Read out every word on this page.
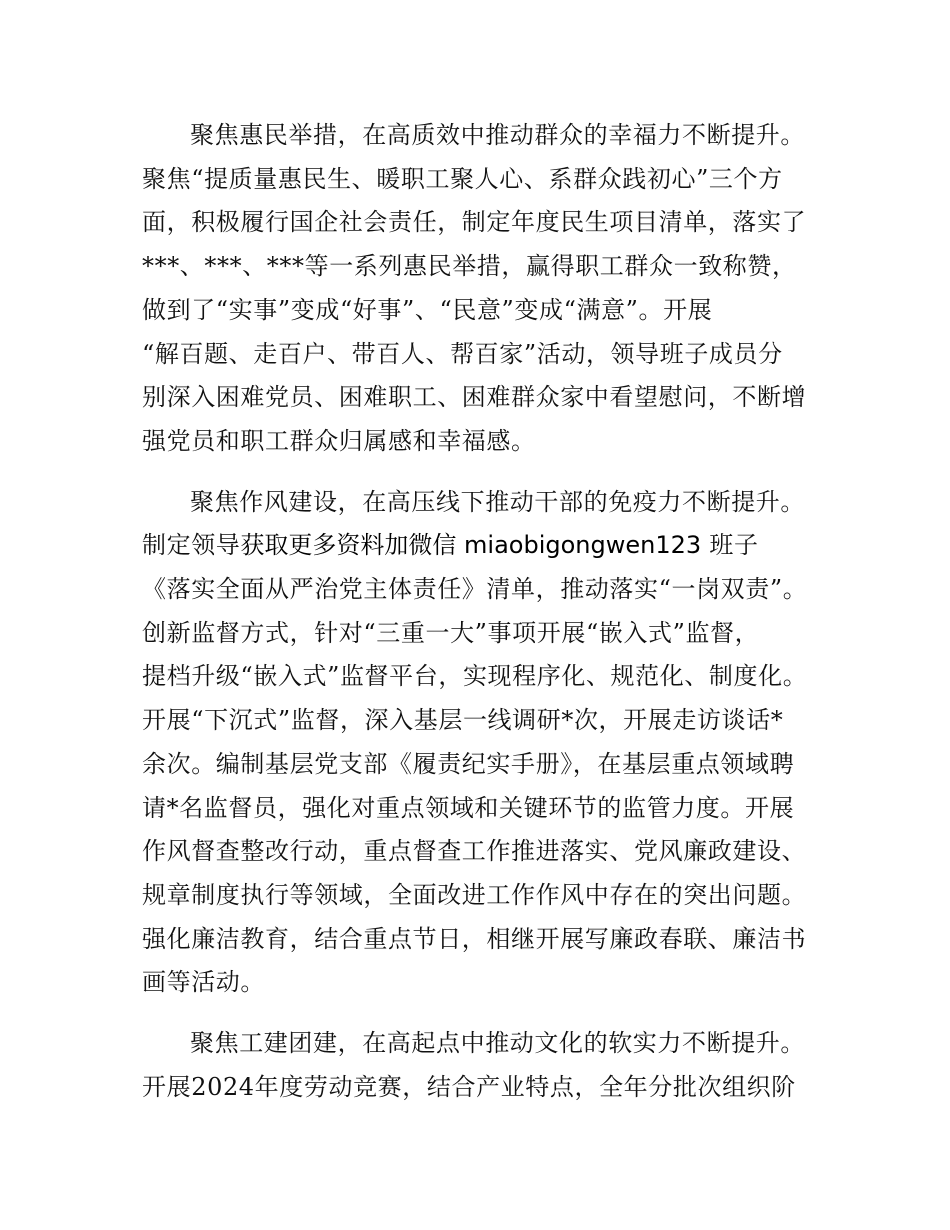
聚焦惠民举措，在高质效中推动群众的幸福力不断提升。
聚焦“提质量惠民生、暖职工聚人心、系群众践初心”三个方
面，积极履行国企社会责任，制定年度民生项目清单，落实了
***、***、***等一系列惠民举措，赢得职工群众一致称赞，
做到了“实事”变成“好事”、“民意”变成“满意”。开展
“解百题、走百户、带百人、帮百家”活动，领导班子成员分
别深入困难党员、困难职工、困难群众家中看望慰问，不断增
强党员和职工群众归属感和幸福感。

聚焦作风建设，在高压线下推动干部的免疫力不断提升。
制定领导获取更多资料加微信 miaobigongwen123 班子
《落实全面从严治党主体责任》清单，推动落实“一岗双责”。
创新监督方式，针对“三重一大”事项开展“嵌入式”监督，
提档升级“嵌入式”监督平台，实现程序化、规范化、制度化。
开展“下沉式”监督，深入基层一线调研*次，开展走访谈话*
余次。编制基层党支部《履责纪实手册》，在基层重点领域聘
请*名监督员，强化对重点领域和关键环节的监管力度。开展
作风督查整改行动，重点督查工作推进落实、党风廉政建设、
规章制度执行等领域，全面改进工作作风中存在的突出问题。
强化廉洁教育，结合重点节日，相继开展写廉政春联、廉洁书
画等活动。

聚焦工建团建，在高起点中推动文化的软实力不断提升。
开展2024年度劳动竞赛，结合产业特点，全年分批次组织阶
